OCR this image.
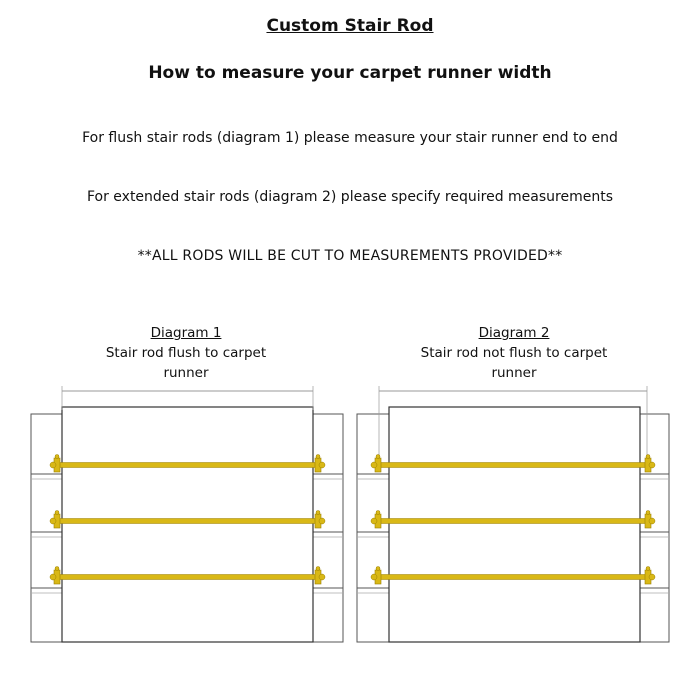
Custom Stair Rod
How to measure your carpet runner width
For flush stair rods (diagram 1) please measure your stair runner end to end
For extended stair rods (diagram 2) please specify required measurements
**ALL RODS WILL BE CUT TO MEASUREMENTS PROVIDED**
Diagram 1
Stair rod flush to carpet
runner
Diagram 2
Stair rod not flush to carpet
runner
